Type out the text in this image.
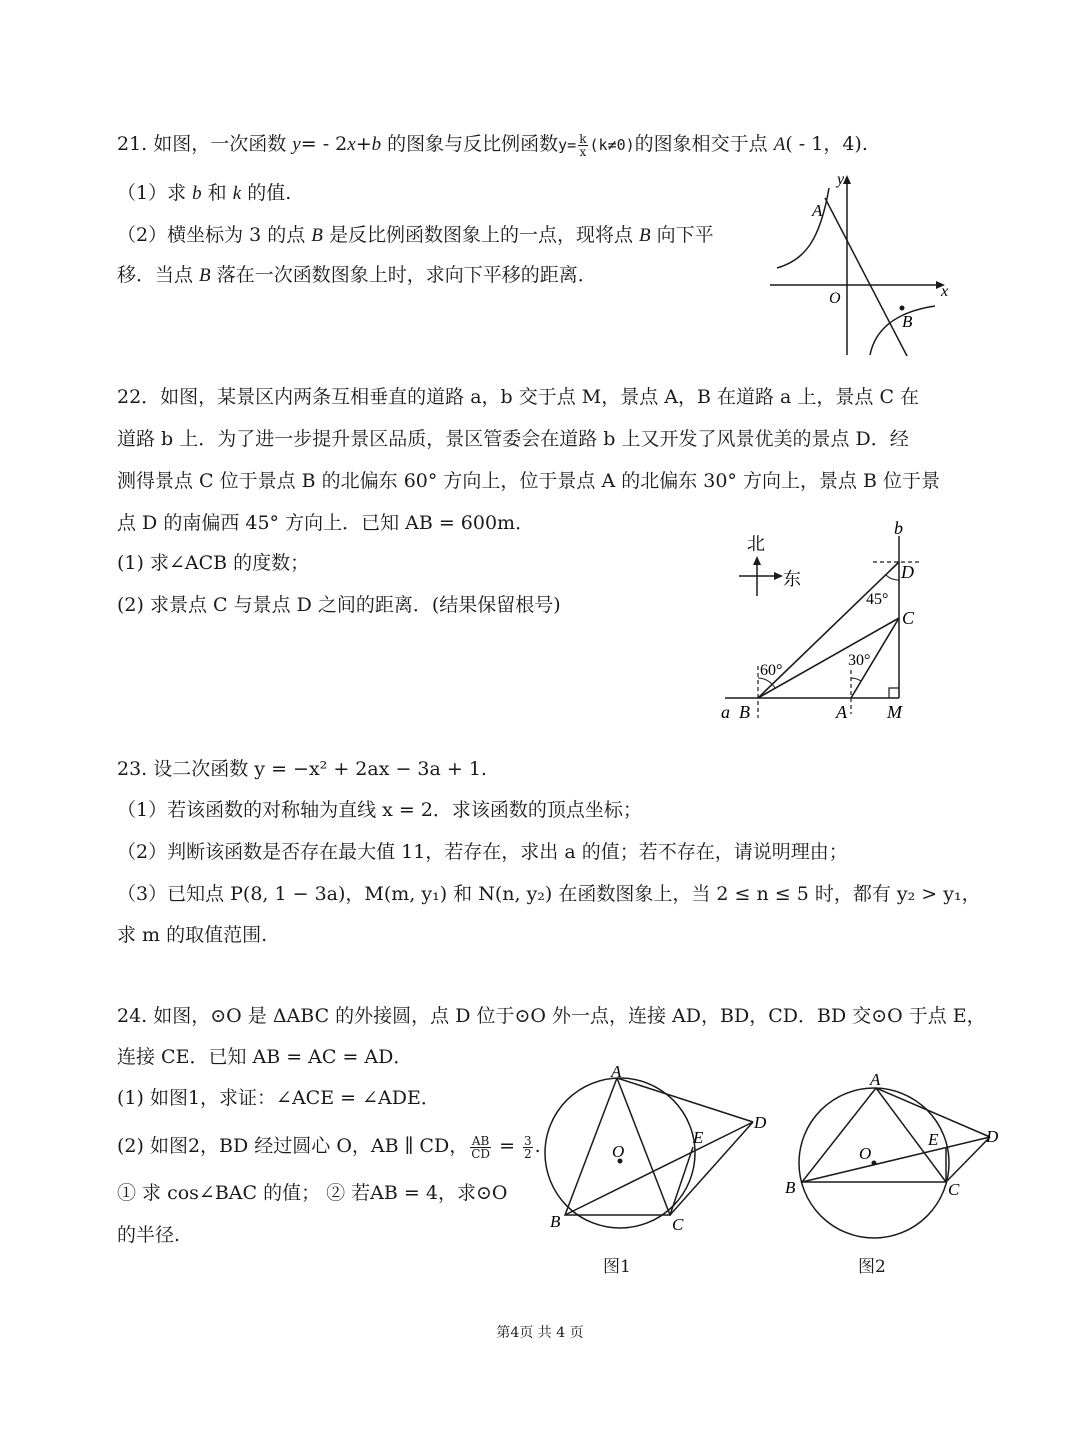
21. 如图，一次函数 y= - 2x+b 的图象与反比例函数$y= \frac{k}{x} (k\ne 0)$的图象相交于点 A( - 1，4).
（1）求 b 和 k 的值.
（2）横坐标为 3 的点 B 是反比例函数图象上的一点，现将点 B 向下平
移．当点 B 落在一次函数图象上时，求向下平移的距离．
y
x
A
O
B
22．如图，某景区内两条互相垂直的道路 a，b 交于点 M，景点 A，B 在道路 a 上，景点 C 在
道路 b 上．为了进一步提升景区品质，景区管委会在道路 b 上又开发了风景优美的景点 D．经
测得景点 C 位于景点 B 的北偏东 60° 方向上，位于景点 A 的北偏东 30° 方向上，景点 B 位于景
点 D 的南偏西 45° 方向上．已知 AB = 600m．
(1) 求∠ACB 的度数；
(2) 求景点 C 与景点 D 之间的距离．(结果保留根号)
北
东
b
D
45°
C
30°
60°
a B	A M
23. 设二次函数 y = −x² + 2ax − 3a + 1.
（1）若该函数的对称轴为直线 x = 2．求该函数的顶点坐标；
（2）判断该函数是否存在最大值 11，若存在，求出 a 的值；若不存在，请说明理由；
（3）已知点 P(8, 1 − 3a)，M(m, y₁) 和 N(n, y₂) 在函数图象上，当 2 ≤ n ≤ 5 时，都有 y₂ > y₁，
求 m 的取值范围.
24. 如图，⊙O 是 ΔABC 的外接圆，点 D 位于⊙O 外一点，连接 AD，BD，CD．BD 交⊙O 于点 E，
连接 CE．已知 AB = AC = AD．
(1) 如图1，求证：∠ACE = ∠ADE．
(2) 如图2，BD 经过圆心 O，AB ∥ CD， $\frac{AB}{CD} = \frac{3}{2}$ .
① 求 cos∠BAC 的值； ② 若AB = 4，求⊙O
的半径.
A
D
E
O
B	C
图1
A
D
E
O
B	C
图2
第4页 共 4 页
